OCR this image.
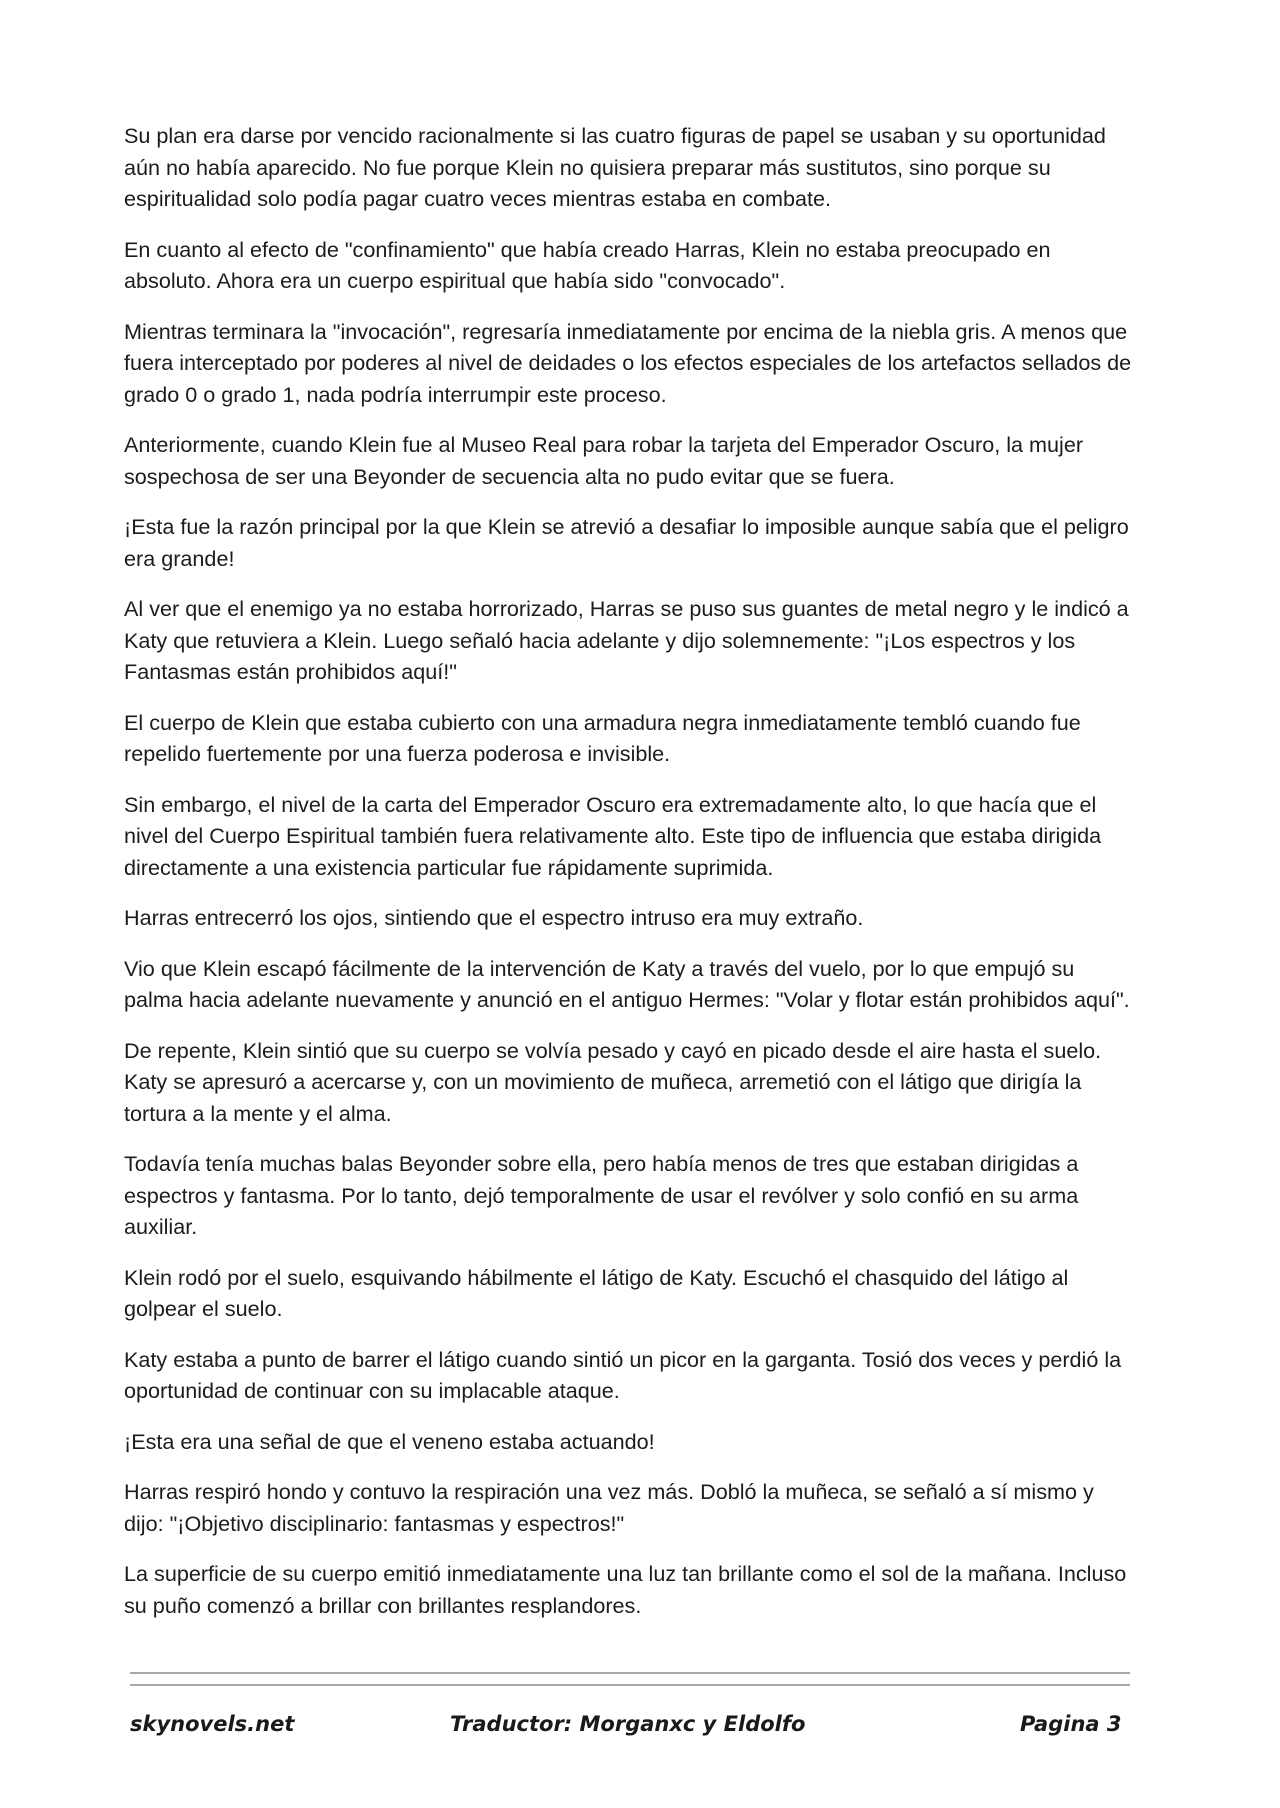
Su plan era darse por vencido racionalmente si las cuatro figuras de papel se usaban y su oportunidad aún no había aparecido. No fue porque Klein no quisiera preparar más sustitutos, sino porque su espiritualidad solo podía pagar cuatro veces mientras estaba en combate.

En cuanto al efecto de "confinamiento" que había creado Harras, Klein no estaba preocupado en absoluto. Ahora era un cuerpo espiritual que había sido "convocado".

Mientras terminara la "invocación", regresaría inmediatamente por encima de la niebla gris. A menos que fuera interceptado por poderes al nivel de deidades o los efectos especiales de los artefactos sellados de grado 0 o grado 1, nada podría interrumpir este proceso.

Anteriormente, cuando Klein fue al Museo Real para robar la tarjeta del Emperador Oscuro, la mujer sospechosa de ser una Beyonder de secuencia alta no pudo evitar que se fuera.

¡Esta fue la razón principal por la que Klein se atrevió a desafiar lo imposible aunque sabía que el peligro era grande!

Al ver que el enemigo ya no estaba horrorizado, Harras se puso sus guantes de metal negro y le indicó a Katy que retuviera a Klein. Luego señaló hacia adelante y dijo solemnemente: "¡Los espectros y los Fantasmas están prohibidos aquí!"

El cuerpo de Klein que estaba cubierto con una armadura negra inmediatamente tembló cuando fue repelido fuertemente por una fuerza poderosa e invisible.

Sin embargo, el nivel de la carta del Emperador Oscuro era extremadamente alto, lo que hacía que el nivel del Cuerpo Espiritual también fuera relativamente alto. Este tipo de influencia que estaba dirigida directamente a una existencia particular fue rápidamente suprimida.

Harras entrecerró los ojos, sintiendo que el espectro intruso era muy extraño.

Vio que Klein escapó fácilmente de la intervención de Katy a través del vuelo, por lo que empujó su palma hacia adelante nuevamente y anunció en el antiguo Hermes: "Volar y flotar están prohibidos aquí".

De repente, Klein sintió que su cuerpo se volvía pesado y cayó en picado desde el aire hasta el suelo. Katy se apresuró a acercarse y, con un movimiento de muñeca, arremetió con el látigo que dirigía la tortura a la mente y el alma.

Todavía tenía muchas balas Beyonder sobre ella, pero había menos de tres que estaban dirigidas a espectros y fantasma. Por lo tanto, dejó temporalmente de usar el revólver y solo confió en su arma auxiliar.

Klein rodó por el suelo, esquivando hábilmente el látigo de Katy. Escuchó el chasquido del látigo al golpear el suelo.

Katy estaba a punto de barrer el látigo cuando sintió un picor en la garganta. Tosió dos veces y perdió la oportunidad de continuar con su implacable ataque.

¡Esta era una señal de que el veneno estaba actuando!

Harras respiró hondo y contuvo la respiración una vez más. Dobló la muñeca, se señaló a sí mismo y dijo: "¡Objetivo disciplinario: fantasmas y espectros!"

La superficie de su cuerpo emitió inmediatamente una luz tan brillante como el sol de la mañana. Incluso su puño comenzó a brillar con brillantes resplandores.

skynovels.net	Traductor: Morganxc y Eldolfo	Pagina 3
